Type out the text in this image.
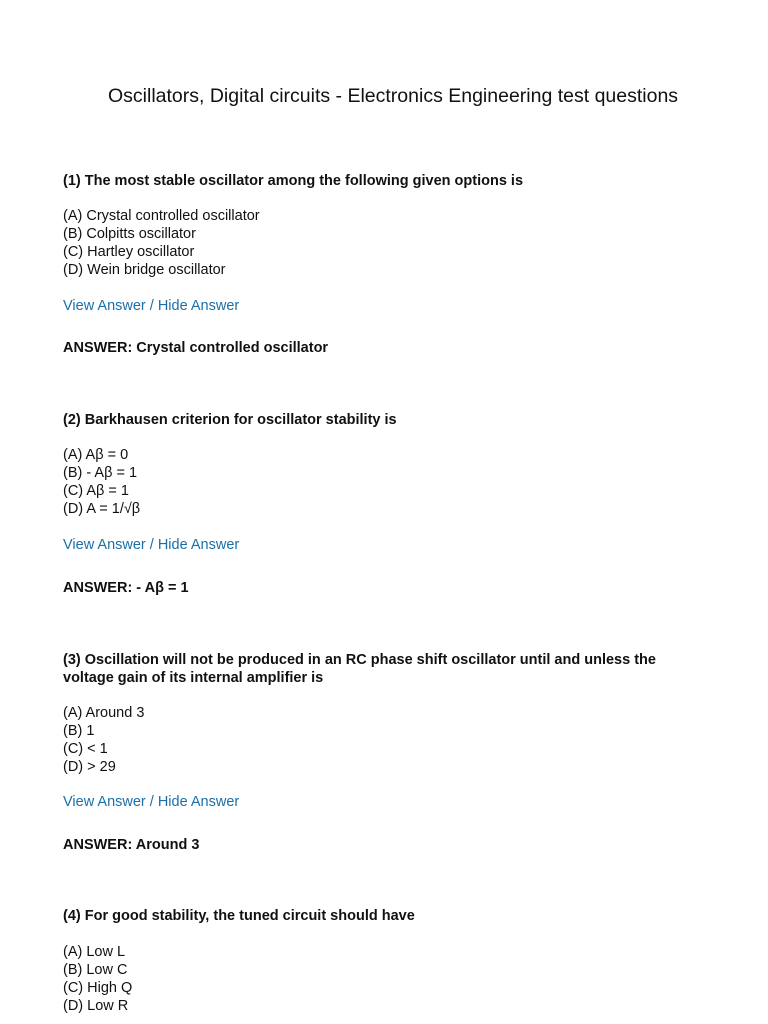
Oscillators, Digital circuits - Electronics Engineering test questions

(1) The most stable oscillator among the following given options is

(A) Crystal controlled oscillator
(B) Colpitts oscillator
(C) Hartley oscillator
(D) Wein bridge oscillator
View Answer / Hide Answer

ANSWER: Crystal controlled oscillator

(2) Barkhausen criterion for oscillator stability is

(A) Aβ = 0
(B) - Aβ = 1
(C) Aβ = 1
(D) A = 1/√β
View Answer / Hide Answer

ANSWER: - Aβ = 1

(3) Oscillation will not be produced in an RC phase shift oscillator until and unless the voltage gain of its internal amplifier is

(A) Around 3
(B) 1
(C) < 1
(D) > 29
View Answer / Hide Answer

ANSWER: Around 3

(4) For good stability, the tuned circuit should have

(A) Low L
(B) Low C
(C) High Q
(D) Low R
